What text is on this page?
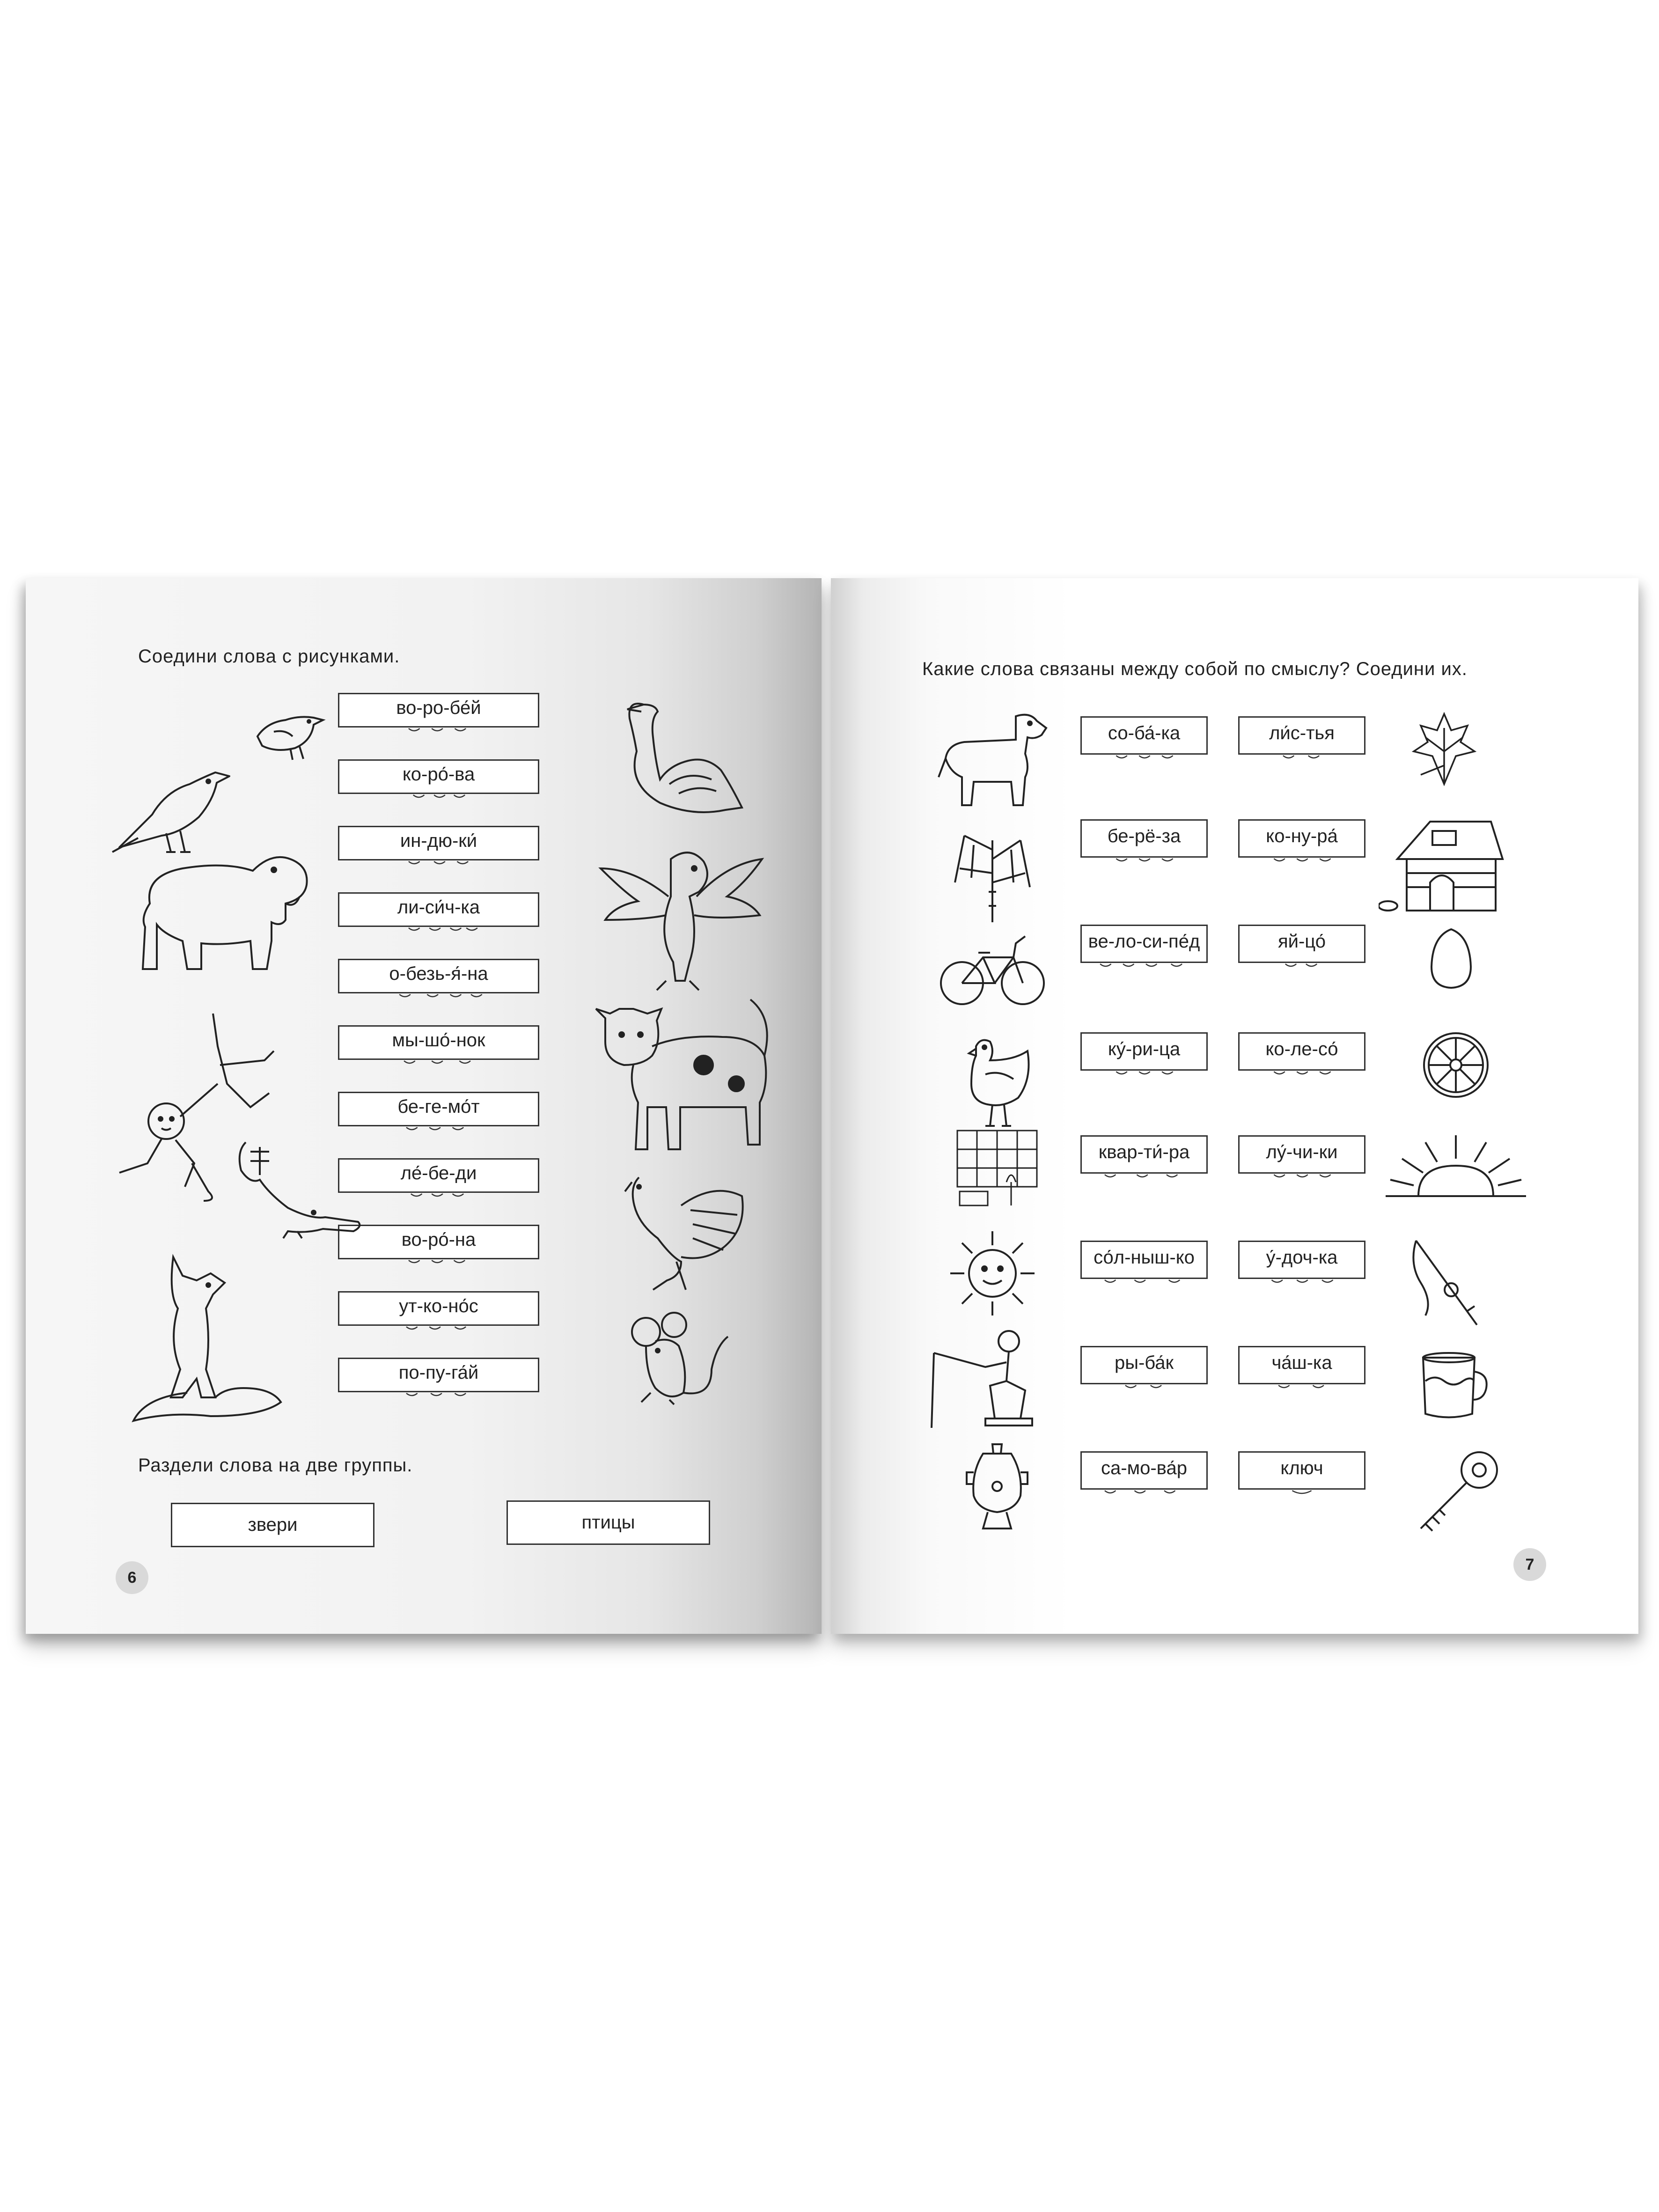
Соедини слова с рисунками.
во-ро-бе́й
ко-ро́-ва
ин-дю-ки́
ли-си́ч-ка
о-безь-я́-на
мы-шо́-нок
бе-ге-мо́т
ле́-бе-ди
во-ро́-на
ут-ко-но́с
по-пу-га́й
Раздели слова на две группы.
звери	птицы
6
Какие слова связаны между собой по смыслу? Соедини их.
со-ба́-ка
бе-рё-за
ве-ло-си-пе́д
ку́-ри-ца
квар-ти́-ра
со́л-ныш-ко
ры-ба́к
са-мо-ва́р
ли́с-тья
ко-ну-ра́
яй-цо́
ко-ле-со́
лу́-чи-ки
у́-доч-ка
ча́ш-ка
ключ
7
